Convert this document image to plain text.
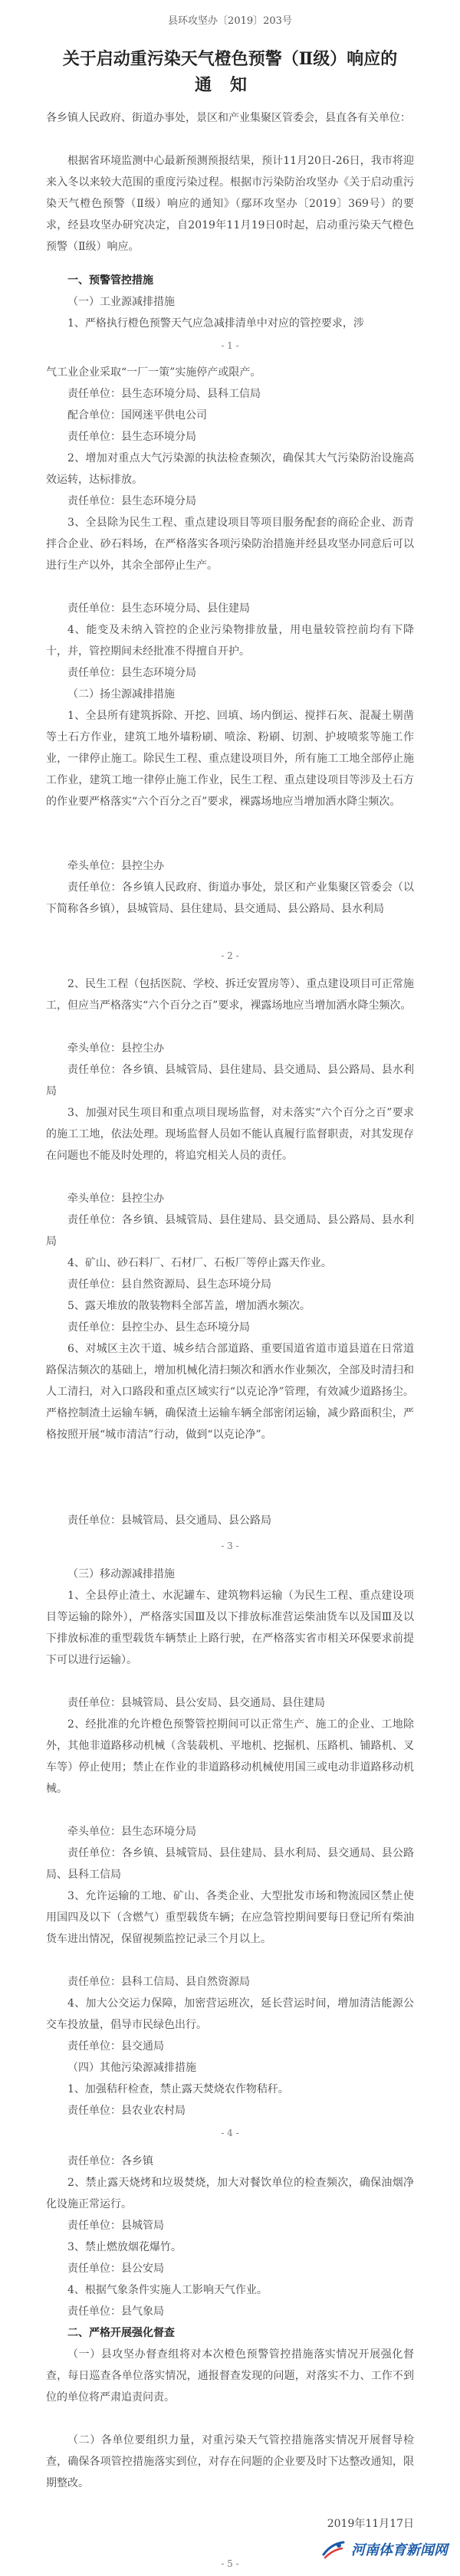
县环攻坚办〔2019〕203号
关于启动重污染天气橙色预警（Ⅱ级）响应的
通知
各乡镇人民政府、街道办事处，景区和产业集聚区管委会，县直各有关单位：
根据省环境监测中心最新预测预报结果，预计11月20日-26日，我市将迎来入冬以来较大范围的重度污染过程。根据市污染防治攻坚办《关于启动重污染天气橙色预警（Ⅱ级）响应的通知》（鄢环攻坚办〔2019〕369号）的要求，经县攻坚办研究决定，自2019年11月19日0时起，启动重污染天气橙色预警（Ⅱ级）响应。
一、预警管控措施
（一）工业源减排措施
1、严格执行橙色预警天气应急减排清单中对应的管控要求，涉
- 1 -
气工业企业采取“一厂一策”实施停产或限产。
责任单位：县生态环境分局、县科工信局
配合单位：国网迷平供电公司
责任单位：县生态环境分局
2、增加对重点大气污染源的执法检查频次，确保其大气污染防治设施高效运转，达标排放。
责任单位：县生态环境分局
3、全县除为民生工程、重点建设项目等项目服务配套的商砼企业、沥青拌合企业、砂石料场，在严格落实各项污染防治措施并经县攻坚办同意后可以进行生产以外，其余全部停止生产。
责任单位：县生态环境分局、县住建局
4、能变及未纳入管控的企业污染物排放量，用电量较管控前均有下降十，并，管控期间未经批准不得擅自开护。
责任单位：县生态环境分局
（二）扬尘源减排措施
1、全县所有建筑拆除、开挖、回填、场内倒运、搅拌石灰、混凝土剔凿等土石方作业，建筑工地外墙粉刷、喷涂、粉刷、切割、护坡喷浆等施工作业，一律停止施工。除民生工程、重点建设项目外，所有施工工地全部停止施工作业，建筑工地一律停止施工作业，民生工程、重点建设项目等涉及土石方的作业要严格落实“六个百分之百”要求，裸露场地应当增加洒水降尘频次。
牵头单位：县控尘办
责任单位：各乡镇人民政府、街道办事处，景区和产业集聚区管委会（以下简称各乡镇），县城管局、县住建局、县交通局、县公路局、县水利局
- 2 -
2、民生工程（包括医院、学校、拆迁安置房等）、重点建设项目可正常施工，但应当严格落实“六个百分之百”要求，裸露场地应当增加洒水降尘频次。
牵头单位：县控尘办
责任单位：各乡镇、县城管局、县住建局、县交通局、县公路局、县水利局
3、加强对民生项目和重点项目现场监督，对未落实“六个百分之百”要求的施工工地，依法处理。现场监督人员如不能认真履行监督职责，对其发现存在问题也不能及时处理的，将追究相关人员的责任。
牵头单位：县控尘办
责任单位：各乡镇、县城管局、县住建局、县交通局、县公路局、县水利局
4、矿山、砂石料厂、石材厂、石板厂等停止露天作业。
责任单位：县自然资源局、县生态环境分局
5、露天堆放的散装物料全部苫盖，增加洒水频次。
责任单位：县控尘办、县生态环境分局
6、对城区主次干道、城乡结合部道路、重要国道省道市道县道在日常道路保洁频次的基础上，增加机械化清扫频次和洒水作业频次，全部及时清扫和人工清扫，对入口路段和重点区域实行“以克论净”管理，有效减少道路扬尘。严格控制渣土运输车辆，确保渣土运输车辆全部密闭运输，减少路面积尘，严格按照开展“城市清洁”行动，做到“以克论净”。
责任单位：县城管局、县交通局、县公路局
- 3 -
（三）移动源减排措施
1、全县停止渣土、水泥罐车、建筑物料运输（为民生工程、重点建设项目等运输的除外），严格落实国Ⅲ及以下排放标准营运柴油货车以及国Ⅲ及以下排放标准的重型载货车辆禁止上路行驶，在严格落实省市相关环保要求前提下可以进行运输）。
责任单位：县城管局、县公安局、县交通局、县住建局
2、经批准的允许橙色预警管控期间可以正常生产、施工的企业、工地除外，其他非道路移动机械（含装载机、平地机、挖掘机、压路机、铺路机、叉车等）停止使用；禁止在作业的非道路移动机械使用国三或电动非道路移动机械。
牵头单位：县生态环境分局
责任单位：各乡镇、县城管局、县住建局、县水利局、县交通局、县公路局、县科工信局
3、允许运输的工地、矿山、各类企业、大型批发市场和物流园区禁止使用国四及以下（含燃气）重型载货车辆；在应急管控期间要每日登记所有柴油货车进出情况，保留视频监控记录三个月以上。
责任单位：县科工信局、县自然资源局
4、加大公交运力保障，加密营运班次，延长营运时间，增加清洁能源公交车投放量，倡导市民绿色出行。
责任单位：县交通局
（四）其他污染源减排措施
1、加强秸秆检查，禁止露天焚烧农作物秸秆。
责任单位：县农业农村局
- 4 -
责任单位：各乡镇
2、禁止露天烧烤和垃圾焚烧，加大对餐饮单位的检查频次，确保油烟净化设施正常运行。
责任单位：县城管局
3、禁止燃放烟花爆竹。
责任单位：县公安局
4、根据气象条件实施人工影响天气作业。
责任单位：县气象局
二、严格开展强化督查
（一）县攻坚办督查组将对本次橙色预警管控措施落实情况开展强化督查，每日巡查各单位落实情况，通报督查发现的问题，对落实不力、工作不到位的单位将严肃追责问责。
（二）各单位要组织力量，对重污染天气管控措施落实情况开展督导检查，确保各项管控措施落实到位，对存在问题的企业要及时下达整改通知，限期整改。
2019年11月17日
- 5 -
河南体育新闻网
